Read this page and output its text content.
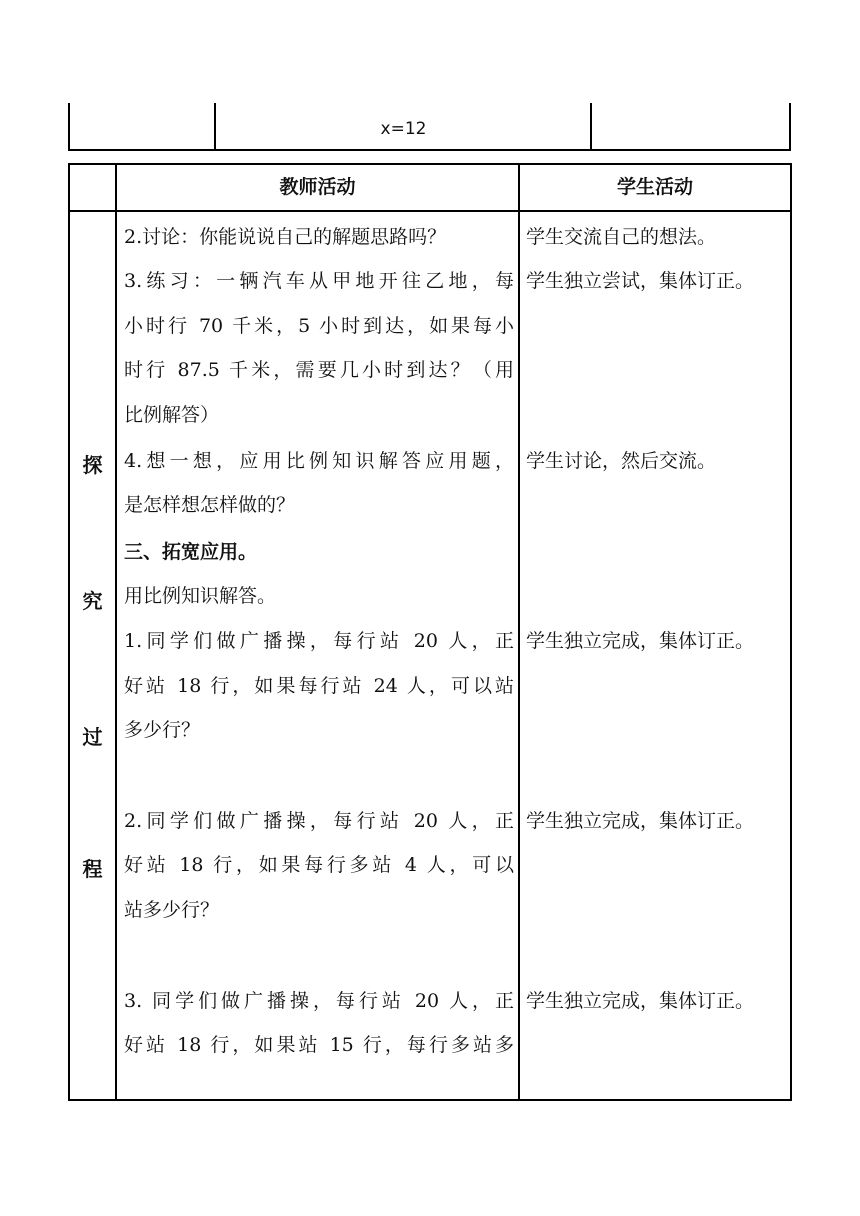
x=12
教师活动	学生活动
探
究
过
程
2.讨论：你能说说自己的解题思路吗？
3.练习：一辆汽车从甲地开往乙地，每
小时行 70 千米，5 小时到达，如果每小
时行 87.5 千米，需要几小时到达？（用
比例解答）
4.想一想，应用比例知识解答应用题，
是怎样想怎样做的？
三、拓宽应用。
用比例知识解答。
1.同学们做广播操，每行站 20 人，正
好站 18 行，如果每行站 24 人，可以站
多少行？
2.同学们做广播操，每行站 20 人，正
好站 18 行，如果每行多站 4 人，可以
站多少行？
3. 同学们做广播操，每行站 20 人，正
好站 18 行，如果站 15 行，每行多站多
学生交流自己的想法。
学生独立尝试，集体订正。
学生讨论，然后交流。
学生独立完成，集体订正。
学生独立完成，集体订正。
学生独立完成，集体订正。
